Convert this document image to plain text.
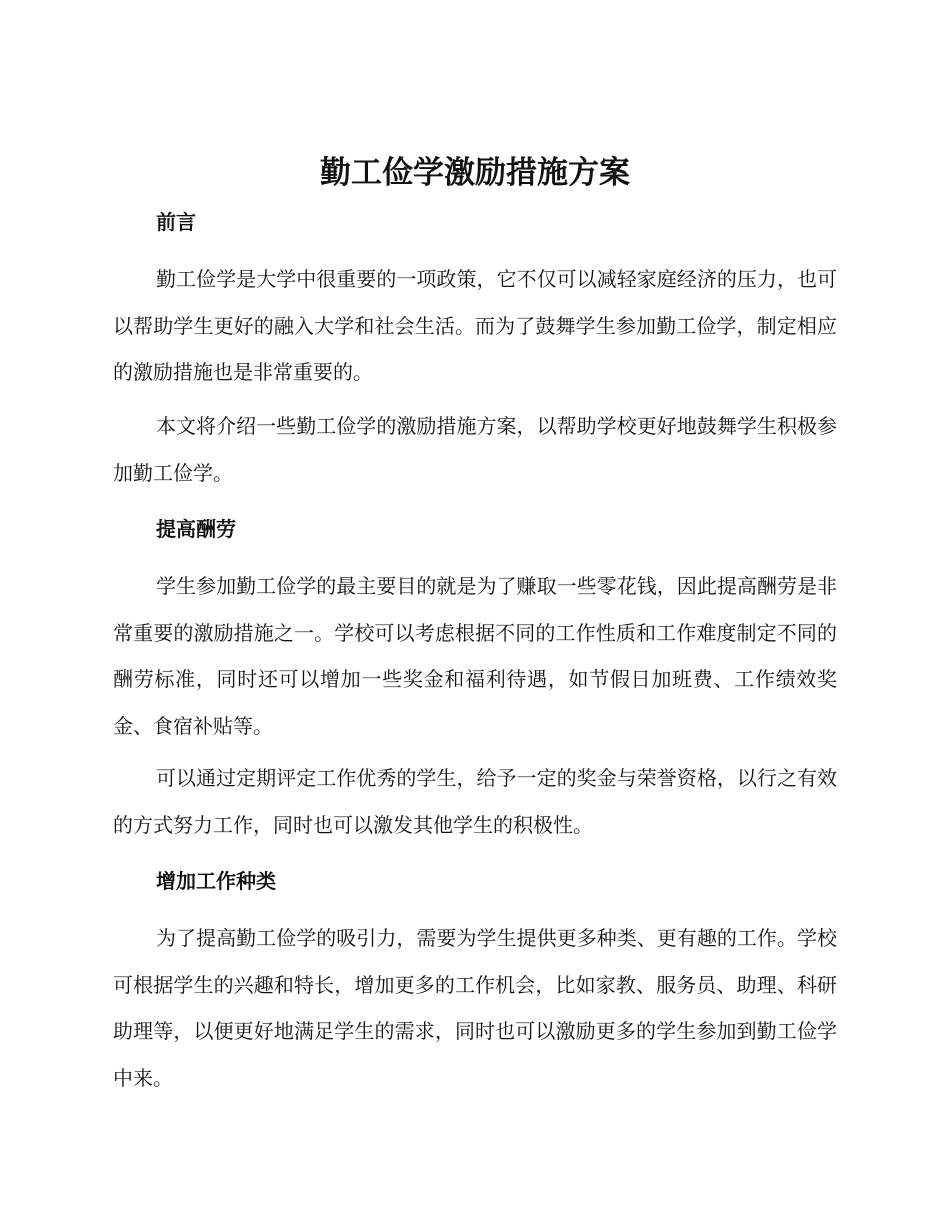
勤工俭学激励措施方案
前言

勤工俭学是大学中很重要的一项政策，它不仅可以减轻家庭经济的压力，也可以帮助学生更好的融入大学和社会生活。而为了鼓舞学生参加勤工俭学，制定相应的激励措施也是非常重要的。

本文将介绍一些勤工俭学的激励措施方案，以帮助学校更好地鼓舞学生积极参加勤工俭学。

提高酬劳

学生参加勤工俭学的最主要目的就是为了赚取一些零花钱，因此提高酬劳是非常重要的激励措施之一。学校可以考虑根据不同的工作性质和工作难度制定不同的酬劳标准，同时还可以增加一些奖金和福利待遇，如节假日加班费、工作绩效奖金、食宿补贴等。

可以通过定期评定工作优秀的学生，给予一定的奖金与荣誉资格，以行之有效的方式努力工作，同时也可以激发其他学生的积极性。

增加工作种类

为了提高勤工俭学的吸引力，需要为学生提供更多种类、更有趣的工作。学校可根据学生的兴趣和特长，增加更多的工作机会，比如家教、服务员、助理、科研助理等，以便更好地满足学生的需求，同时也可以激励更多的学生参加到勤工俭学中来。
